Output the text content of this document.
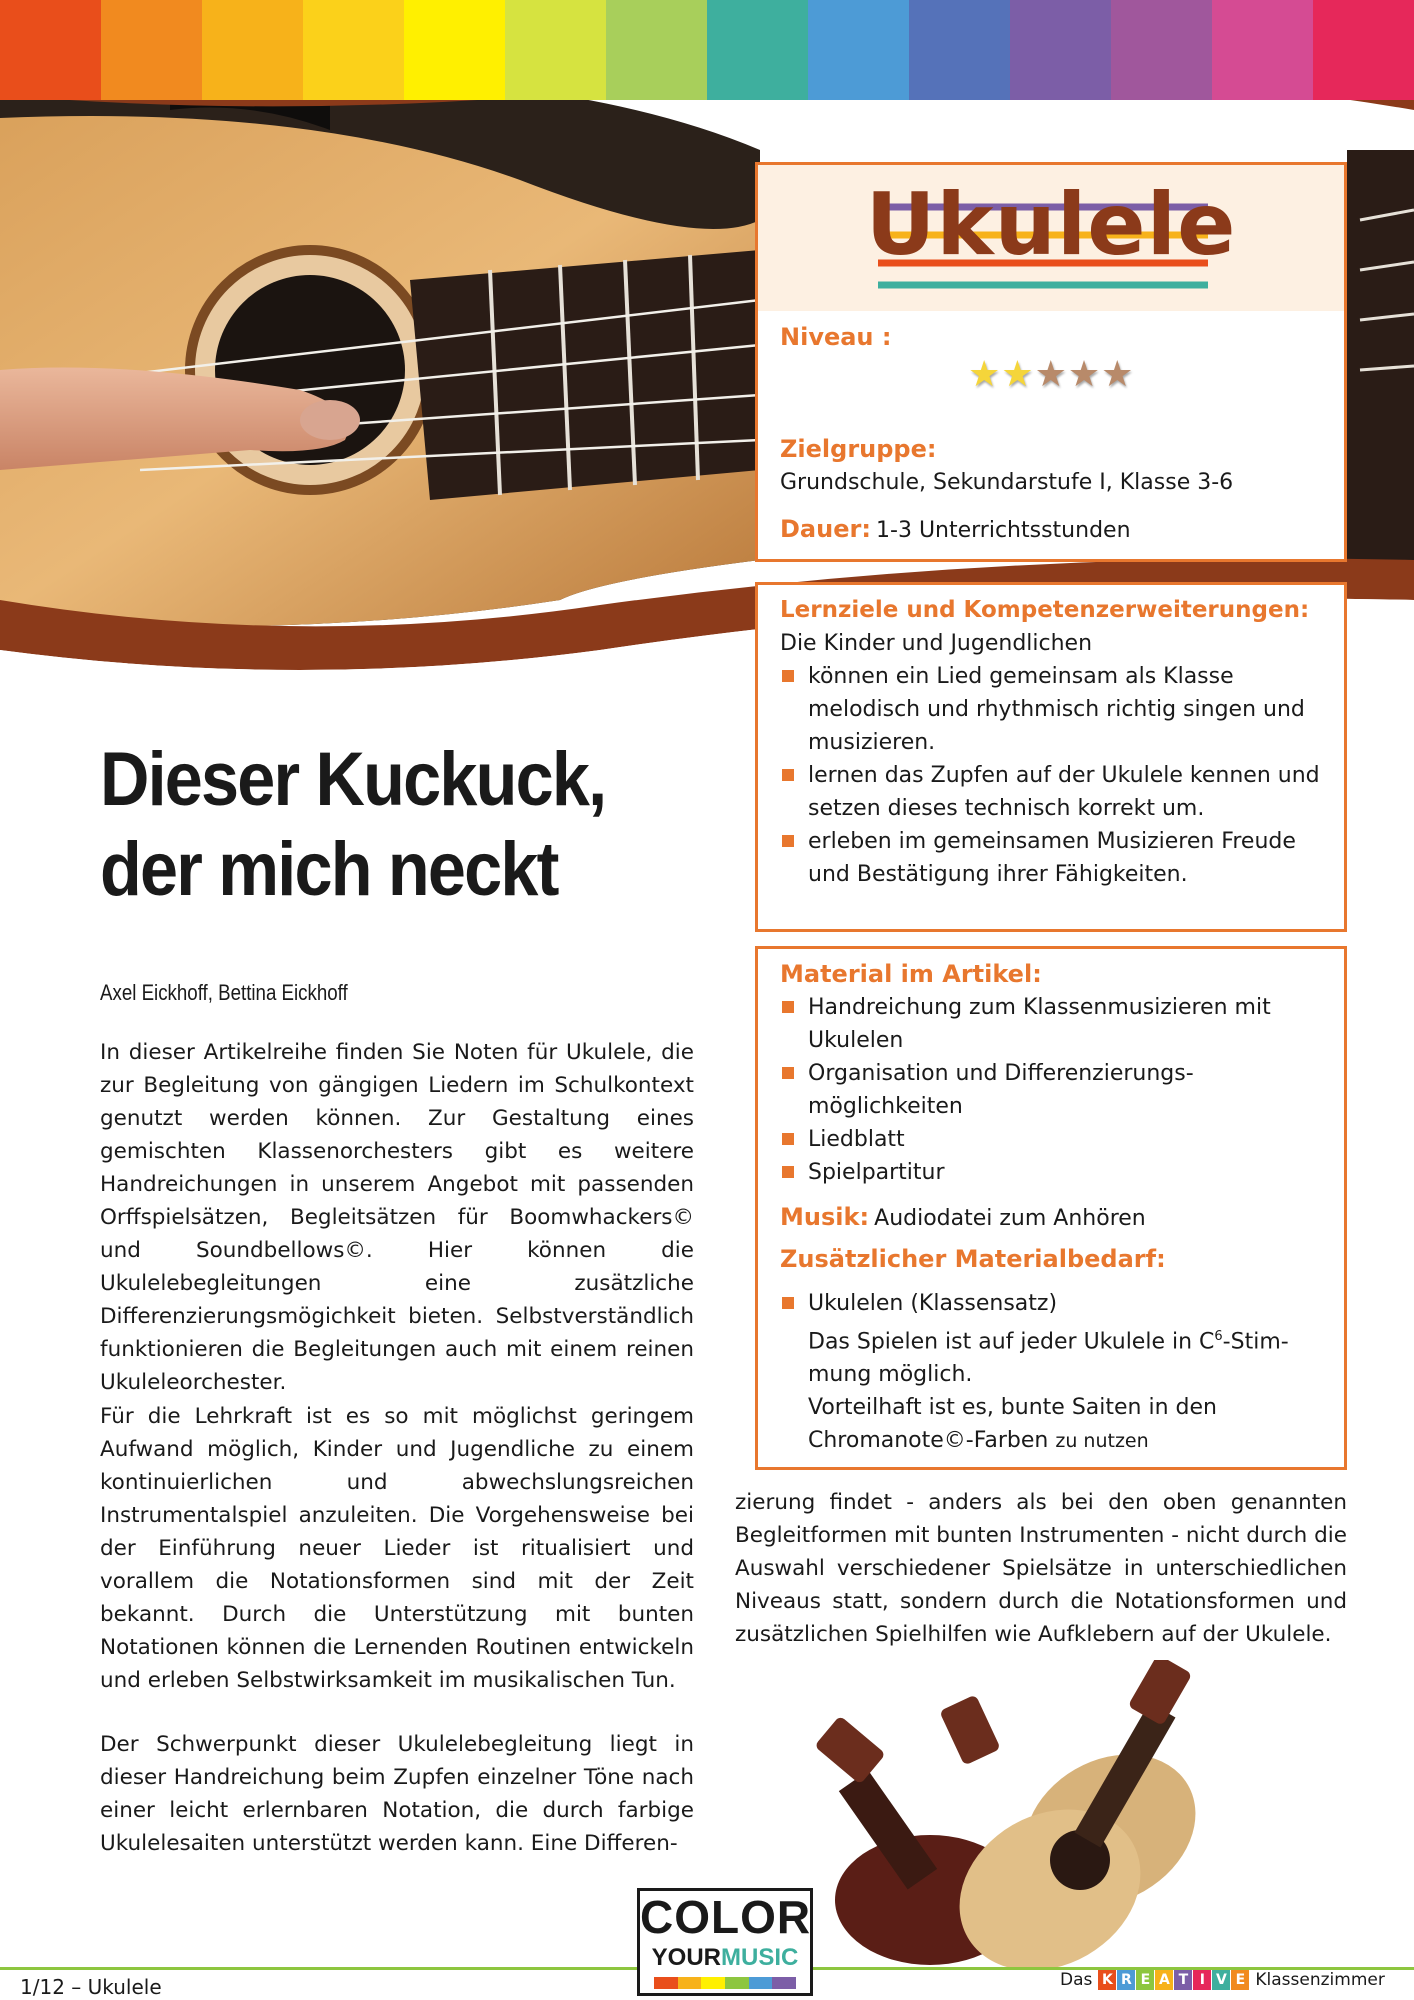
Ukulele
Niveau :
★ ★ ★ ★ ★
Zielgruppe:
Grundschule, Sekundarstufe I, Klasse 3-6
Dauer: 1-3 Unterrichtsstunden
Lernziele und Kompetenzerweiterungen:
Die Kinder und Jugendlichen
können ein Lied gemeinsam als Klasse melodisch und rhythmisch richtig singen und musizieren.
lernen das Zupfen auf der Ukulele kennen und setzen dieses technisch korrekt um.
erleben im gemeinsamen Musizieren Freude und Bestätigung ihrer Fähigkeiten.
Material im Artikel:
Handreichung zum Klassenmusizieren mit Ukulelen
Organisation und Differenzierungs-möglichkeiten
Liedblatt
Spielpartitur
Musik: Audiodatei zum Anhören
Zusätzlicher Materialbedarf:
Ukulelen (Klassensatz)
Das Spielen ist auf jeder Ukulele in $C^6-Stim$-mung möglich.
Vorteilhaft ist es, bunte Saiten in den Chromanote©-Farben zu nutzen
Dieser Kuckuck,
der mich neckt
Axel Eickhoff, Bettina Eickhoff
In dieser Artikelreihe finden Sie Noten für Ukulele, die zur Begleitung von gängigen Liedern im Schulkontext genutzt werden können. Zur Gestaltung eines gemischten Klassenorchesters gibt es weitere Handreichungen in unserem Angebot mit passenden Orffspielsätzen, Begleitsätzen für Boomwhackers© und Soundbellows©. Hier können die Ukulelebegleitungen eine zusätzliche Differenzierungsmögichkeit bieten. Selbstverständlich funktionieren die Begleitungen auch mit einem reinen Ukuleleorchester.
Für die Lehrkraft ist es so mit möglichst geringem Aufwand möglich, Kinder und Jugendliche zu einem kontinuierlichen und abwechslungsreichen Instrumentalspiel anzuleiten. Die Vorgehensweise bei der Einführung neuer Lieder ist ritualisiert und vorallem die Notationsformen sind mit der Zeit bekannt. Durch die Unterstützung mit bunten Notationen können die Lernenden Routinen entwickeln und erleben Selbstwirksamkeit im musikalischen Tun.
Der Schwerpunkt dieser Ukulelebegleitung liegt in dieser Handreichung beim Zupfen einzelner Töne nach einer leicht erlernbaren Notation, die durch farbige Ukulelesaiten unterstützt werden kann. Eine Differen-
zierung findet - anders als bei den oben genannten Begleitformen mit bunten Instrumenten - nicht durch die Auswahl verschiedener Spielsätze in unterschiedlichen Niveaus statt, sondern durch die Notationsformen und zusätzlichen Spielhilfen wie Aufklebern auf der Ukulele.
1/12 – Ukulele
COLOR
YOURMUSIC
Das K R E A T I V E Klassenzimmer
